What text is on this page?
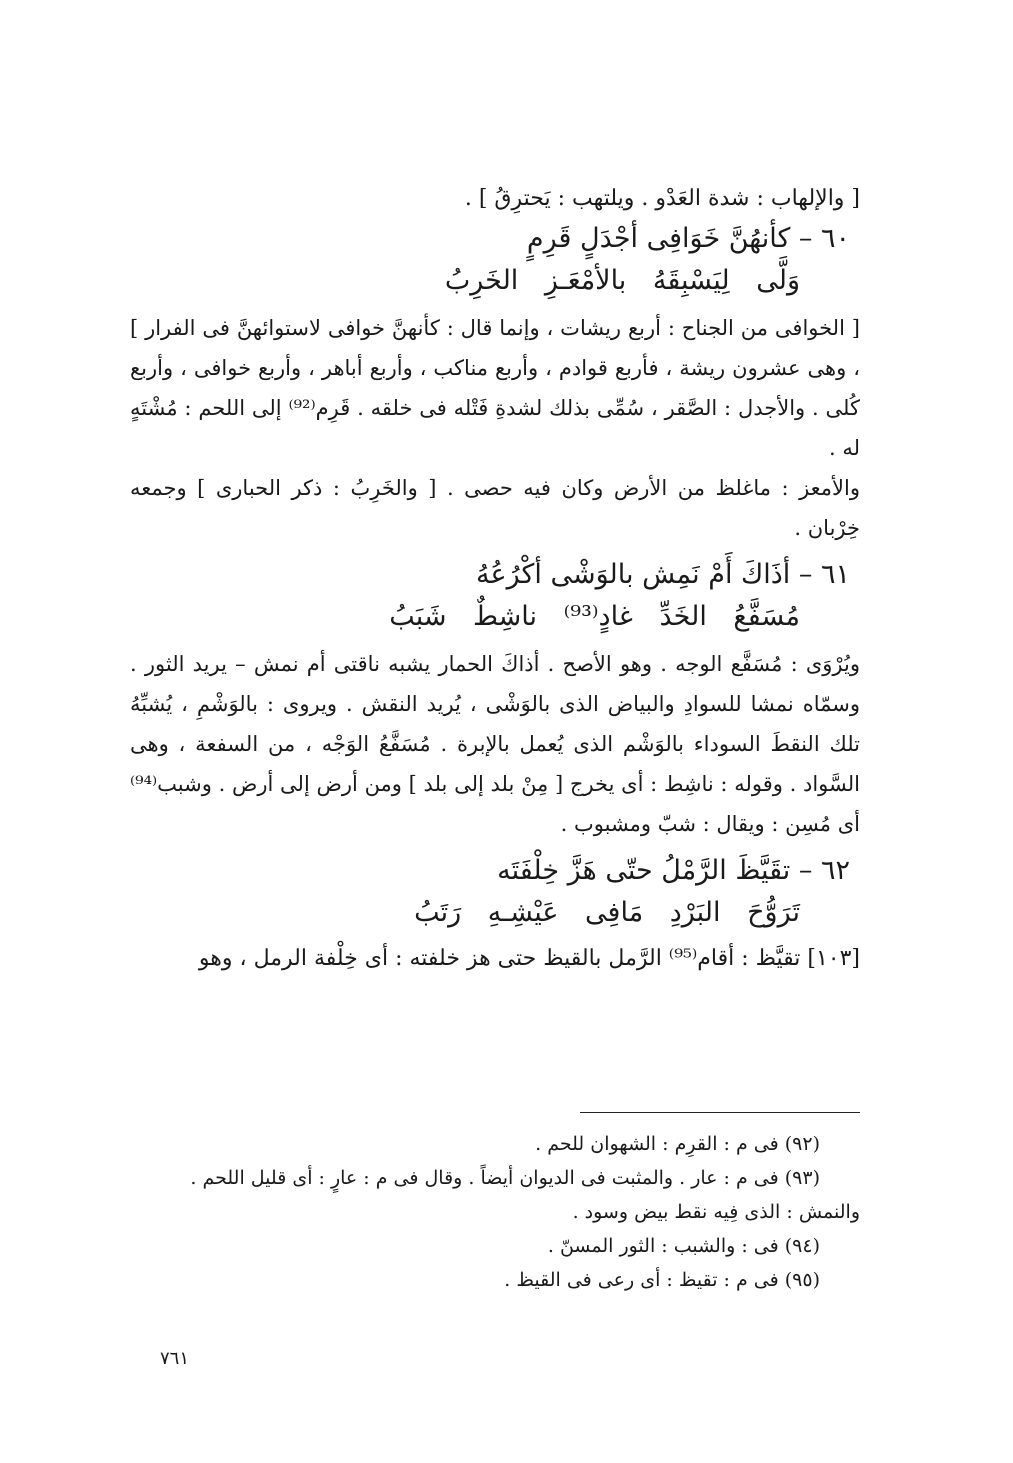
[ والإلهاب : شدة العَدْو . ويلتهب : يَحترِقُ ] .
٦٠ – كأنهُنَّ خَوَافِى أجْدَلٍ قَرِمٍ
وَلَّى لِيَسْبِقَهُ بالأمْعَـزِ الخَرِبُ
[ الخوافى من الجناح : أربع ريشات ، وإنما قال : كأنهنَّ خوافى لاستوائهنَّ فى الفرار ] ، وهى عشرون ريشة ، فأربع قوادم ، وأربع مناكب ، وأربع أباهر ، وأربع خوافى ، وأربع كُلى . والأجدل : الصَّقر ، سُمِّى بذلك لشدةِ فَتْله فى خلقه . قَرِم⁽⁹²⁾ إلى اللحم : مُشْتَهٍ له .
والأمعز : ماغلظ من الأرض وكان فيه حصى . [ والخَرِبُ : ذكر الحبارى ] وجمعه خِرْبان .
٦١ – أذَاكَ أَمْ نَمِش بالوَشْى أكْرُعُهُ
مُسَفَّعُ الخَدِّ غادٍ⁽⁹³⁾ ناشِطٌ شَبَبُ
ويُرْوَى : مُسَفَّع الوجه . وهو الأصح . أذاكَ الحمار يشبه ناقتى أم نمش – يريد الثور . وسمّاه نمشا للسوادِ والبياض الذى بالوَشْى ، يُريد النقش . ويروى : بالوَشْمِ ، يُشبِّهُ تلك النقطَ السوداء بالوَشْم الذى يُعمل بالإبرة . مُسَفَّعُ الوَجْه ، من السفعة ، وهى السَّواد . وقوله : ناشِط : أى يخرج [ مِنْ بلد إلى بلد ] ومن أرض إلى أرض . وشبب⁽⁹⁴⁾ أى مُسِن : ويقال : شبّ ومشبوب .
٦٢ – تقَيَّظَ الرَّمْلُ حتّى هَزَّ خِلْفَتَه
تَرَوُّحَ البَرْدِ مَافِى عَيْشِـهِ رَتَبُ
[١٠٣] تقيَّظ : أقام⁽⁹⁵⁾ الرَّمل بالقيظ حتى هز خلفته : أى خِلْفة الرمل ، وهو
(٩٢) فى م : القرِم : الشهوان للحم .
(٩٣) فى م : عار . والمثبت فى الديوان أيضاً . وقال فى م : عارٍ : أى قليل اللحم .
والنمش : الذى فِيه نقط بيض وسود .
(٩٤) فى : والشبب : الثور المسنّ .
(٩٥) فى م : تقيظ : أى رعى فى القيظ .
٧٦١
